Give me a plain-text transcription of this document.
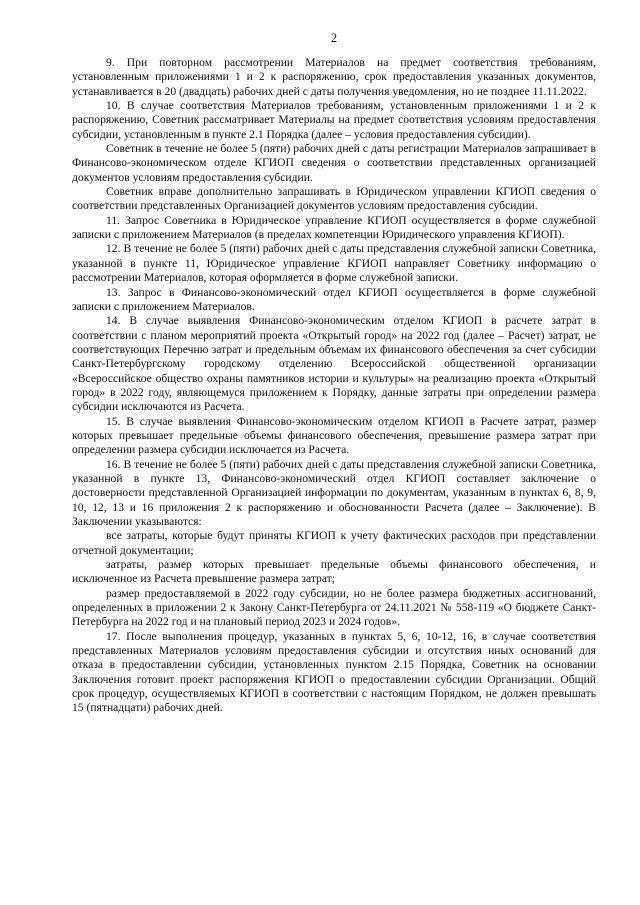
2

9. При повторном рассмотрении Материалов на предмет соответствия требованиям, установленным приложениями 1 и 2 к распоряжению, срок предоставления указанных документов, устанавливается в 20 (двадцать) рабочих дней с даты получения уведомления, но не позднее 11.11.2022.

10. В случае соответствия Материалов требованиям, установленным приложениями 1 и 2 к распоряжению, Советник рассматривает Материалы на предмет соответствия условиям предоставления субсидии, установленным в пункте 2.1 Порядка (далее – условия предоставления субсидии).

Советник в течение не более 5 (пяти) рабочих дней с даты регистрации Материалов запрашивает в Финансово-экономическом отделе КГИОП сведения о соответствии представленных организацией документов условиям предоставления субсидии.

Советник вправе дополнительно запрашивать в Юридическом управлении КГИОП сведения о соответствии представленных Организацией документов условиям предоставления субсидии.

11. Запрос Советника в Юридическое управление КГИОП осуществляется в форме служебной записки с приложением Материалов (в пределах компетенции Юридического управления КГИОП).

12. В течение не более 5 (пяти) рабочих дней с даты представления служебной записки Советника, указанной в пункте 11, Юридическое управление КГИОП направляет Советнику информацию о рассмотрении Материалов, которая оформляется в форме служебной записки.

13. Запрос в Финансово-экономический отдел КГИОП осуществляется в форме служебной записки с приложением Материалов.

14. В случае выявления Финансово-экономическим отделом КГИОП в расчете затрат в соответствии с планом мероприятий проекта «Открытый город» на 2022 год (далее – Расчет) затрат, не соответствующих Перечню затрат и предельным объемам их финансового обеспечения за счет субсидии Санкт-Петербургскому городскому отделению Всероссийской общественной организации «Всероссийское общество охраны памятников истории и культуры» на реализацию проекта «Открытый город» в 2022 году, являющемуся приложением к Порядку, данные затраты при определении размера субсидии исключаются из Расчета.

15. В случае выявления Финансово-экономическим отделом КГИОП в Расчете затрат, размер которых превышает предельные объемы финансового обеспечения, превышение размера затрат при определении размера субсидии исключается из Расчета.

16. В течение не более 5 (пяти) рабочих дней с даты представления служебной записки Советника, указанной в пункте 13, Финансово-экономический отдел КГИОП составляет заключение о достоверности представленной Организацией информации по документам, указанным в пунктах 6, 8, 9, 10, 12, 13 и 16 приложения 2 к распоряжению и обоснованности Расчета (далее – Заключение). В Заключении указываются:

все затраты, которые будут приняты КГИОП к учету фактических расходов при представлении отчетной документации;

затраты, размер которых превышает предельные объемы финансового обеспечения, и исключенное из Расчета превышение размера затрат;

размер предоставляемой в 2022 году субсидии, но не более размера бюджетных ассигнований, определенных в приложении 2 к Закону Санкт-Петербурга от 24.11.2021 № 558-119 «О бюджете Санкт-Петербурга на 2022 год и на плановый период 2023 и 2024 годов».

17. После выполнения процедур, указанных в пунктах 5, 6, 10-12, 16, в случае соответствия представленных Материалов условиям предоставления субсидии и отсутствия иных оснований для отказа в предоставлении субсидии, установленных пунктом 2.15 Порядка, Советник на основании Заключения готовит проект распоряжения КГИОП о предоставлении субсидии Организации. Общий срок процедур, осуществляемых КГИОП в соответствии с настоящим Порядком, не должен превышать 15 (пятнадцати) рабочих дней.
